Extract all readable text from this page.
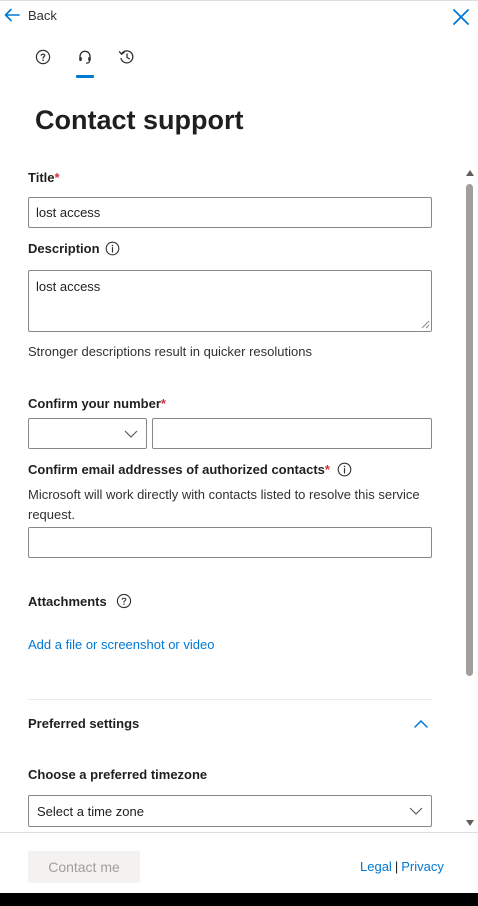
Back
Contact support
Title *
lost access
Description
lost access
Stronger descriptions result in quicker resolutions
Confirm your number *
Confirm email addresses of authorized contacts *
Microsoft will work directly with contacts listed to resolve this service request.
Attachments
Add a file or screenshot or video
Preferred settings
Choose a preferred timezone
Select a time zone
Contact me	Legal | Privacy
